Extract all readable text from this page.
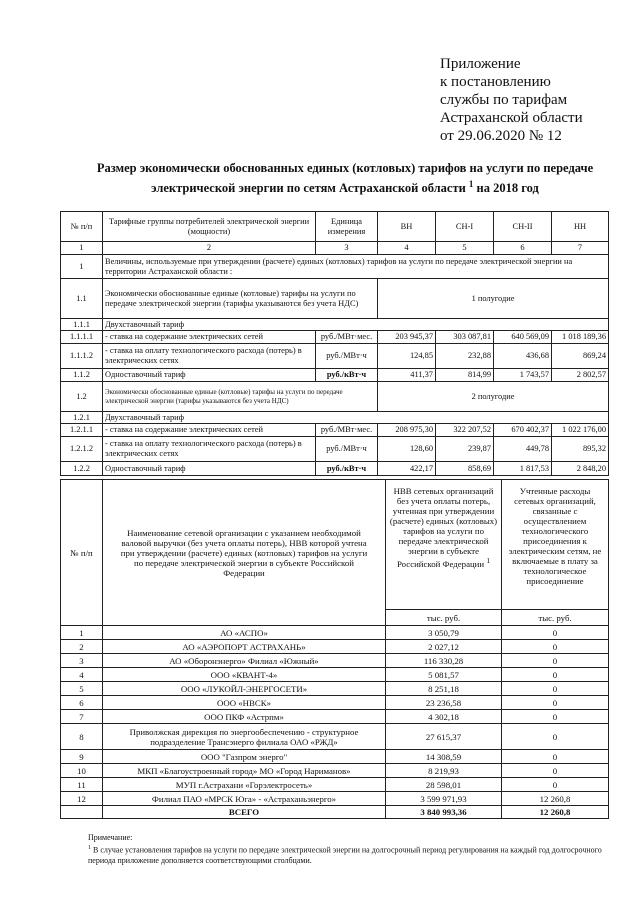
Приложение
к постановлению
службы по тарифам
Астраханской области
от 29.06.2020 № 12
Размер экономически обоснованных единых (котловых) тарифов на услуги по передаче
электрической энергии по сетям Астраханской области $^1$ на 2018 год
№ п/п	Тарифные группы потребителей электрической энергии (мощности)	Единица измерения	ВН	СН-I	СН-II	НН
1	2	3	4	5	6	7
1	Величины, используемые при утверждении (расчете) единых (котловых) тарифов на услуги по передаче электрической энергии на территории Астраханской области :					
1.1	Экономически обоснованные единые (котловые) тарифы на услуги по передаче электрической энергии (тарифы указываются без учета НДС)		1 полугодие			
1.1.1	Двухставочный тариф					
1.1.1.1	- ставка на содержание электрических сетей	руб./МВт·мес.	203 945,37	303 087,81	640 569,09	1 018 189,36
1.1.1.2	- ставка на оплату технологического расхода (потерь) в электрических сетях	руб./МВт·ч	124,85	232,88	436,68	869,24
1.1.2	Одноставочный тариф	руб./кВт·ч	411,37	814,99	1 743,57	2 802,57
1.2	Экономически обоснованные единые (котловые) тарифы на услуги по передаче электрической энергии (тарифы указываются без учета НДС)		2 полугодие			
1.2.1	Двухставочный тариф					
1.2.1.1	- ставка на содержание электрических сетей	руб./МВт·мес.	208 975,30	322 207,52	670 402,37	1 022 176,00
1.2.1.2	- ставка на оплату технологического расхода (потерь) в электрических сетях	руб./МВт·ч	128,60	239,87	449,78	895,32
1.2.2	Одноставочный тариф	руб./кВт·ч	422,17	858,69	1 817,53	2 848,20
№ п/п	Наименование сетевой организации с указанием необходимой валовой выручки (без учета оплаты потерь), НВВ которой учтена при утверждении (расчете) единых (котловых) тарифов на услуги по передаче электрической энергии в субъекте Российской Федерации	НВВ сетевых организаций без учета оплаты потерь, учтенная при утверждении (расчете) единых (котловых) тарифов на услуги по передаче электрической энергии в субъекте Российской Федерации $^1$	Учтенные расходы сетевых организаций, связанные с осуществлением технологического присоединения к электрическим сетям, не включаемые в плату за технологическое присоединение
		тыс. руб.	тыс. руб.
1	АО «АСПО»	3 050,79	0
2	АО «АЭРОПОРТ АСТРАХАНЬ»	2 027,12	0
3	АО «Оборонэнерго» Филиал «Южный»	116 330,28	0
4	ООО «КВАНТ-4»	5 081,57	0
5	ООО «ЛУКОЙЛ-ЭНЕРГОСЕТИ»	8 251,18	0
6	ООО «НВСК»	23 236,58	0
7	ООО ПКФ «Астрпм»	4 302,18	0
8	Приволжская дирекция по энергообеспечению - структурное подразделение Трансэнерго филиала ОАО «РЖД»	27 615,37	0
9	ООО "Газпром энерго"	14 308,59	0
10	МКП «Благоустроенный город» МО «Город Нариманов»	8 219,93	0
11	МУП г.Астрахани «Горэлектросеть»	28 598,01	0
12	Филиал ПАО «МРСК Юга» - «Астраханьэнерго»	3 599 971,93	12 260,8
	ВСЕГО	3 840 993,36	12 260,8
Примечание:
$^1$ В случае установления тарифов на услуги по передаче электрической энергии на долгосрочный период регулирования на каждый год долгосрочного периода приложение дополняется соответствующими столбцами.
